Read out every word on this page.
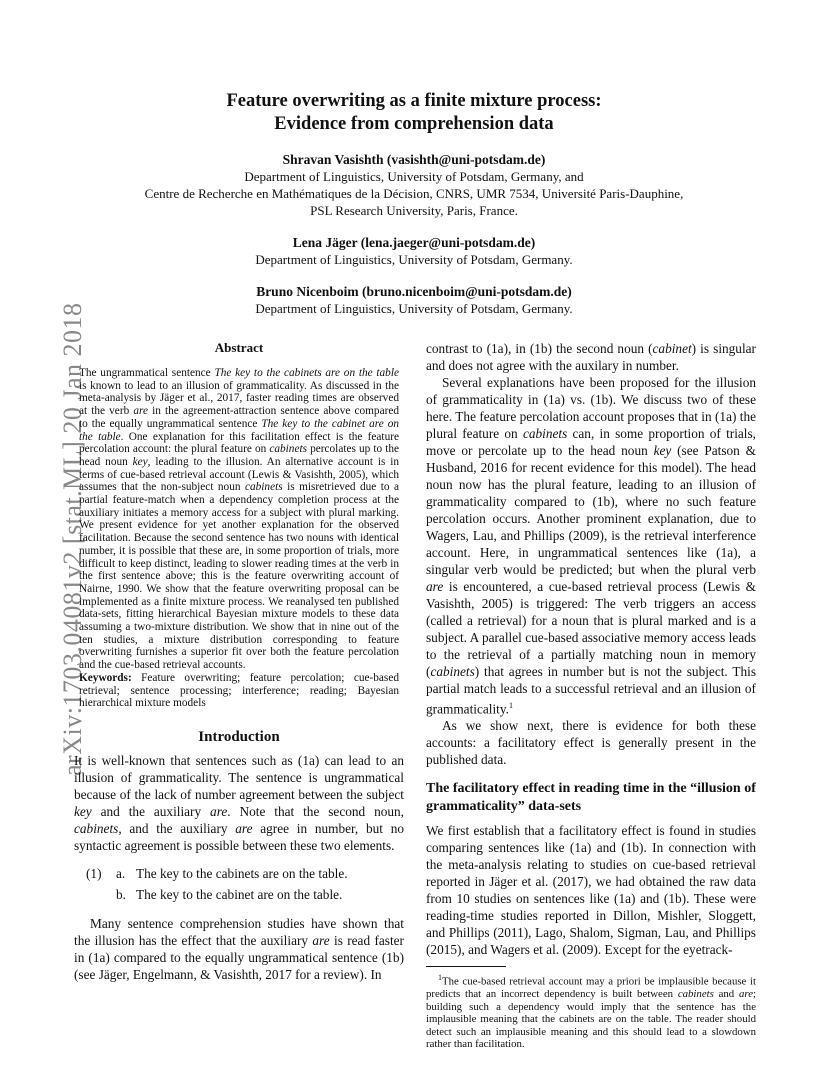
arXiv:1703.04081v2 [stat.ML] 20 Jan 2018
Feature overwriting as a finite mixture process:
Evidence from comprehension data
Shravan Vasishth (vasishth@uni-potsdam.de)
Department of Linguistics, University of Potsdam, Germany, and
Centre de Recherche en Mathématiques de la Décision, CNRS, UMR 7534, Université Paris-Dauphine,
PSL Research University, Paris, France.
Lena Jäger (lena.jaeger@uni-potsdam.de)
Department of Linguistics, University of Potsdam, Germany.
Bruno Nicenboim (bruno.nicenboim@uni-potsdam.de)
Department of Linguistics, University of Potsdam, Germany.
Abstract
The ungrammatical sentence The key to the cabinets are on the table is known to lead to an illusion of grammaticality. As discussed in the meta-analysis by Jäger et al., 2017, faster reading times are observed at the verb are in the agreement-attraction sentence above compared to the equally ungrammatical sentence The key to the cabinet are on the table. One explanation for this facilitation effect is the feature percolation account: the plural feature on cabinets percolates up to the head noun key, leading to the illusion. An alternative account is in terms of cue-based retrieval account (Lewis & Vasishth, 2005), which assumes that the non-subject noun cabinets is misretrieved due to a partial feature-match when a dependency completion process at the auxiliary initiates a memory access for a subject with plural marking. We present evidence for yet another explanation for the observed facilitation. Because the second sentence has two nouns with identical number, it is possible that these are, in some proportion of trials, more difficult to keep distinct, leading to slower reading times at the verb in the first sentence above; this is the feature overwriting account of Nairne, 1990. We show that the feature overwriting proposal can be implemented as a finite mixture process. We reanalysed ten published data-sets, fitting hierarchical Bayesian mixture models to these data assuming a two-mixture distribution. We show that in nine out of the ten studies, a mixture distribution corresponding to feature overwriting furnishes a superior fit over both the feature percolation and the cue-based retrieval accounts.
Keywords: Feature overwriting; feature percolation; cue-based retrieval; sentence processing; interference; reading; Bayesian hierarchical mixture models
Introduction
It is well-known that sentences such as (1a) can lead to an illusion of grammaticality. The sentence is ungrammatical because of the lack of number agreement between the subject key and the auxiliary are. Note that the second noun, cabinets, and the auxiliary are agree in number, but no syntactic agreement is possible between these two elements.
(1)	a. The key to the cabinets are on the table.
b. The key to the cabinet are on the table.
Many sentence comprehension studies have shown that the illusion has the effect that the auxiliary are is read faster in (1a) compared to the equally ungrammatical sentence (1b) (see Jäger, Engelmann, & Vasishth, 2017 for a review). In
contrast to (1a), in (1b) the second noun (cabinet) is singular and does not agree with the auxilary in number.
Several explanations have been proposed for the illusion of grammaticality in (1a) vs. (1b). We discuss two of these here. The feature percolation account proposes that in (1a) the plural feature on cabinets can, in some proportion of trials, move or percolate up to the head noun key (see Patson & Husband, 2016 for recent evidence for this model). The head noun now has the plural feature, leading to an illusion of grammaticality compared to (1b), where no such feature percolation occurs. Another prominent explanation, due to Wagers, Lau, and Phillips (2009), is the retrieval interference account. Here, in ungrammatical sentences like (1a), a singular verb would be predicted; but when the plural verb are is encountered, a cue-based retrieval process (Lewis & Vasishth, 2005) is triggered: The verb triggers an access (called a retrieval) for a noun that is plural marked and is a subject. A parallel cue-based associative memory access leads to the retrieval of a partially matching noun in memory (cabinets) that agrees in number but is not the subject. This partial match leads to a successful retrieval and an illusion of grammaticality.$^1$
As we show next, there is evidence for both these accounts: a facilitatory effect is generally present in the published data.
The facilitatory effect in reading time in the “illusion of grammaticality” data-sets
We first establish that a facilitatory effect is found in studies comparing sentences like (1a) and (1b). In connection with the meta-analysis relating to studies on cue-based retrieval reported in Jäger et al. (2017), we had obtained the raw data from 10 studies on sentences like (1a) and (1b). These were reading-time studies reported in Dillon, Mishler, Sloggett, and Phillips (2011), Lago, Shalom, Sigman, Lau, and Phillips (2015), and Wagers et al. (2009). Except for the eyetrack-
$^1$The cue-based retrieval account may a priori be implausible because it predicts that an incorrect dependency is built between cabinets and are; building such a dependency would imply that the sentence has the implausible meaning that the cabinets are on the table. The reader should detect such an implausible meaning and this should lead to a slowdown rather than facilitation.
